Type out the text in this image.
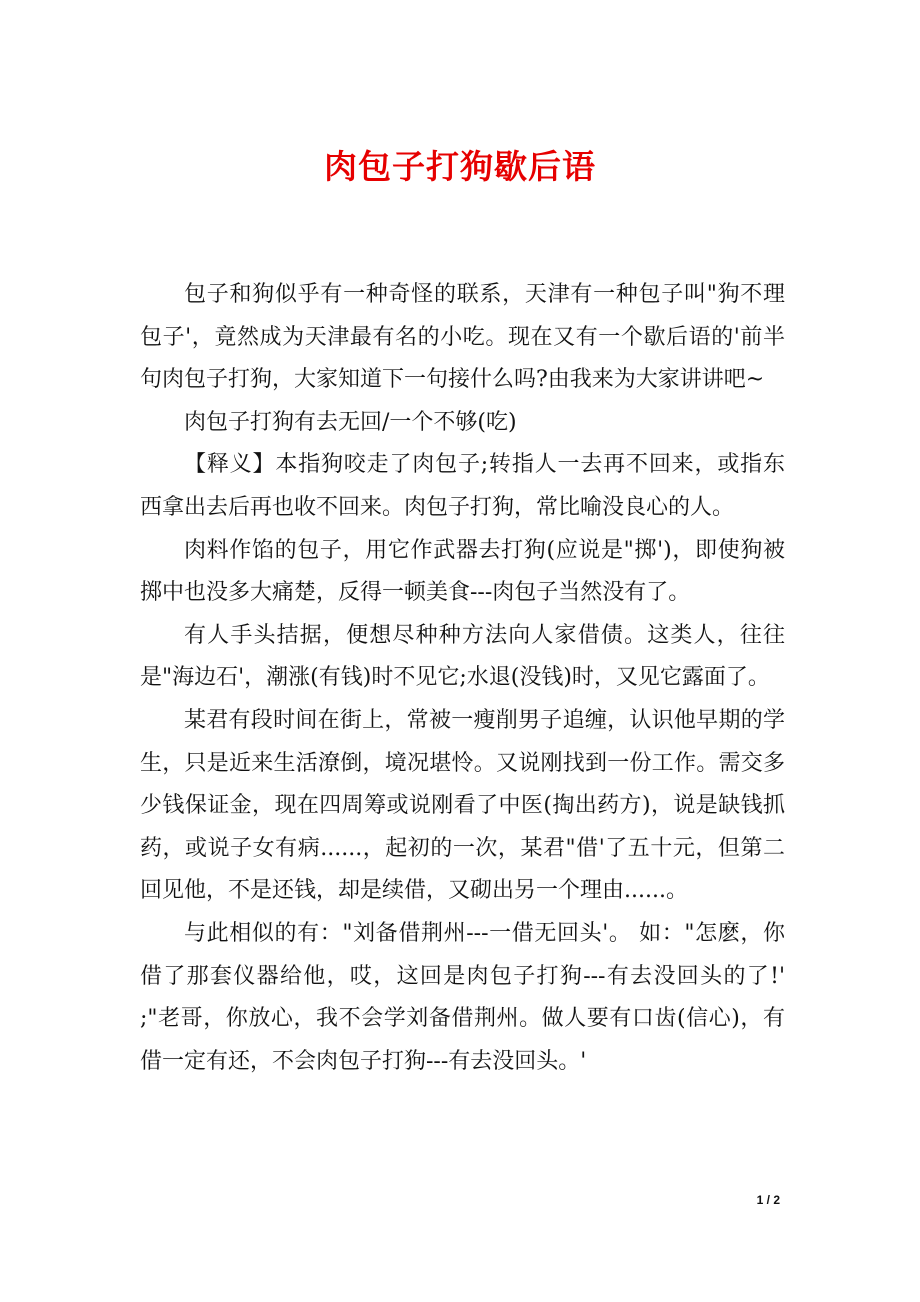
肉包子打狗歇后语

包子和狗似乎有一种奇怪的联系，天津有一种包子叫"狗不理包子'，竟然成为天津最有名的小吃。现在又有一个歇后语的'前半句肉包子打狗，大家知道下一句接什么吗?由我来为大家讲讲吧~

肉包子打狗有去无回/一个不够(吃)

【释义】本指狗咬走了肉包子;转指人一去再不回来，或指东西拿出去后再也收不回来。肉包子打狗，常比喻没良心的人。

肉料作馅的包子，用它作武器去打狗(应说是"掷')，即使狗被掷中也没多大痛楚，反得一顿美食---肉包子当然没有了。

有人手头拮据，便想尽种种方法向人家借债。这类人，往往是"海边石'，潮涨(有钱)时不见它;水退(没钱)时，又见它露面了。

某君有段时间在街上，常被一瘦削男子追缠，认识他早期的学生，只是近来生活潦倒，境况堪怜。又说刚找到一份工作。需交多少钱保证金，现在四周筹或说刚看了中医(掏出药方)，说是缺钱抓药，或说子女有病......，起初的一次，某君"借'了五十元，但第二回见他，不是还钱，却是续借，又砌出另一个理由......。

与此相似的有："刘备借荆州---一借无回头'。 如："怎麽，你借了那套仪器给他，哎，这回是肉包子打狗---有去没回头的了!' ;"老哥，你放心，我不会学刘备借荆州。做人要有口齿(信心)，有借一定有还，不会肉包子打狗---有去没回头。'

1 / 2
